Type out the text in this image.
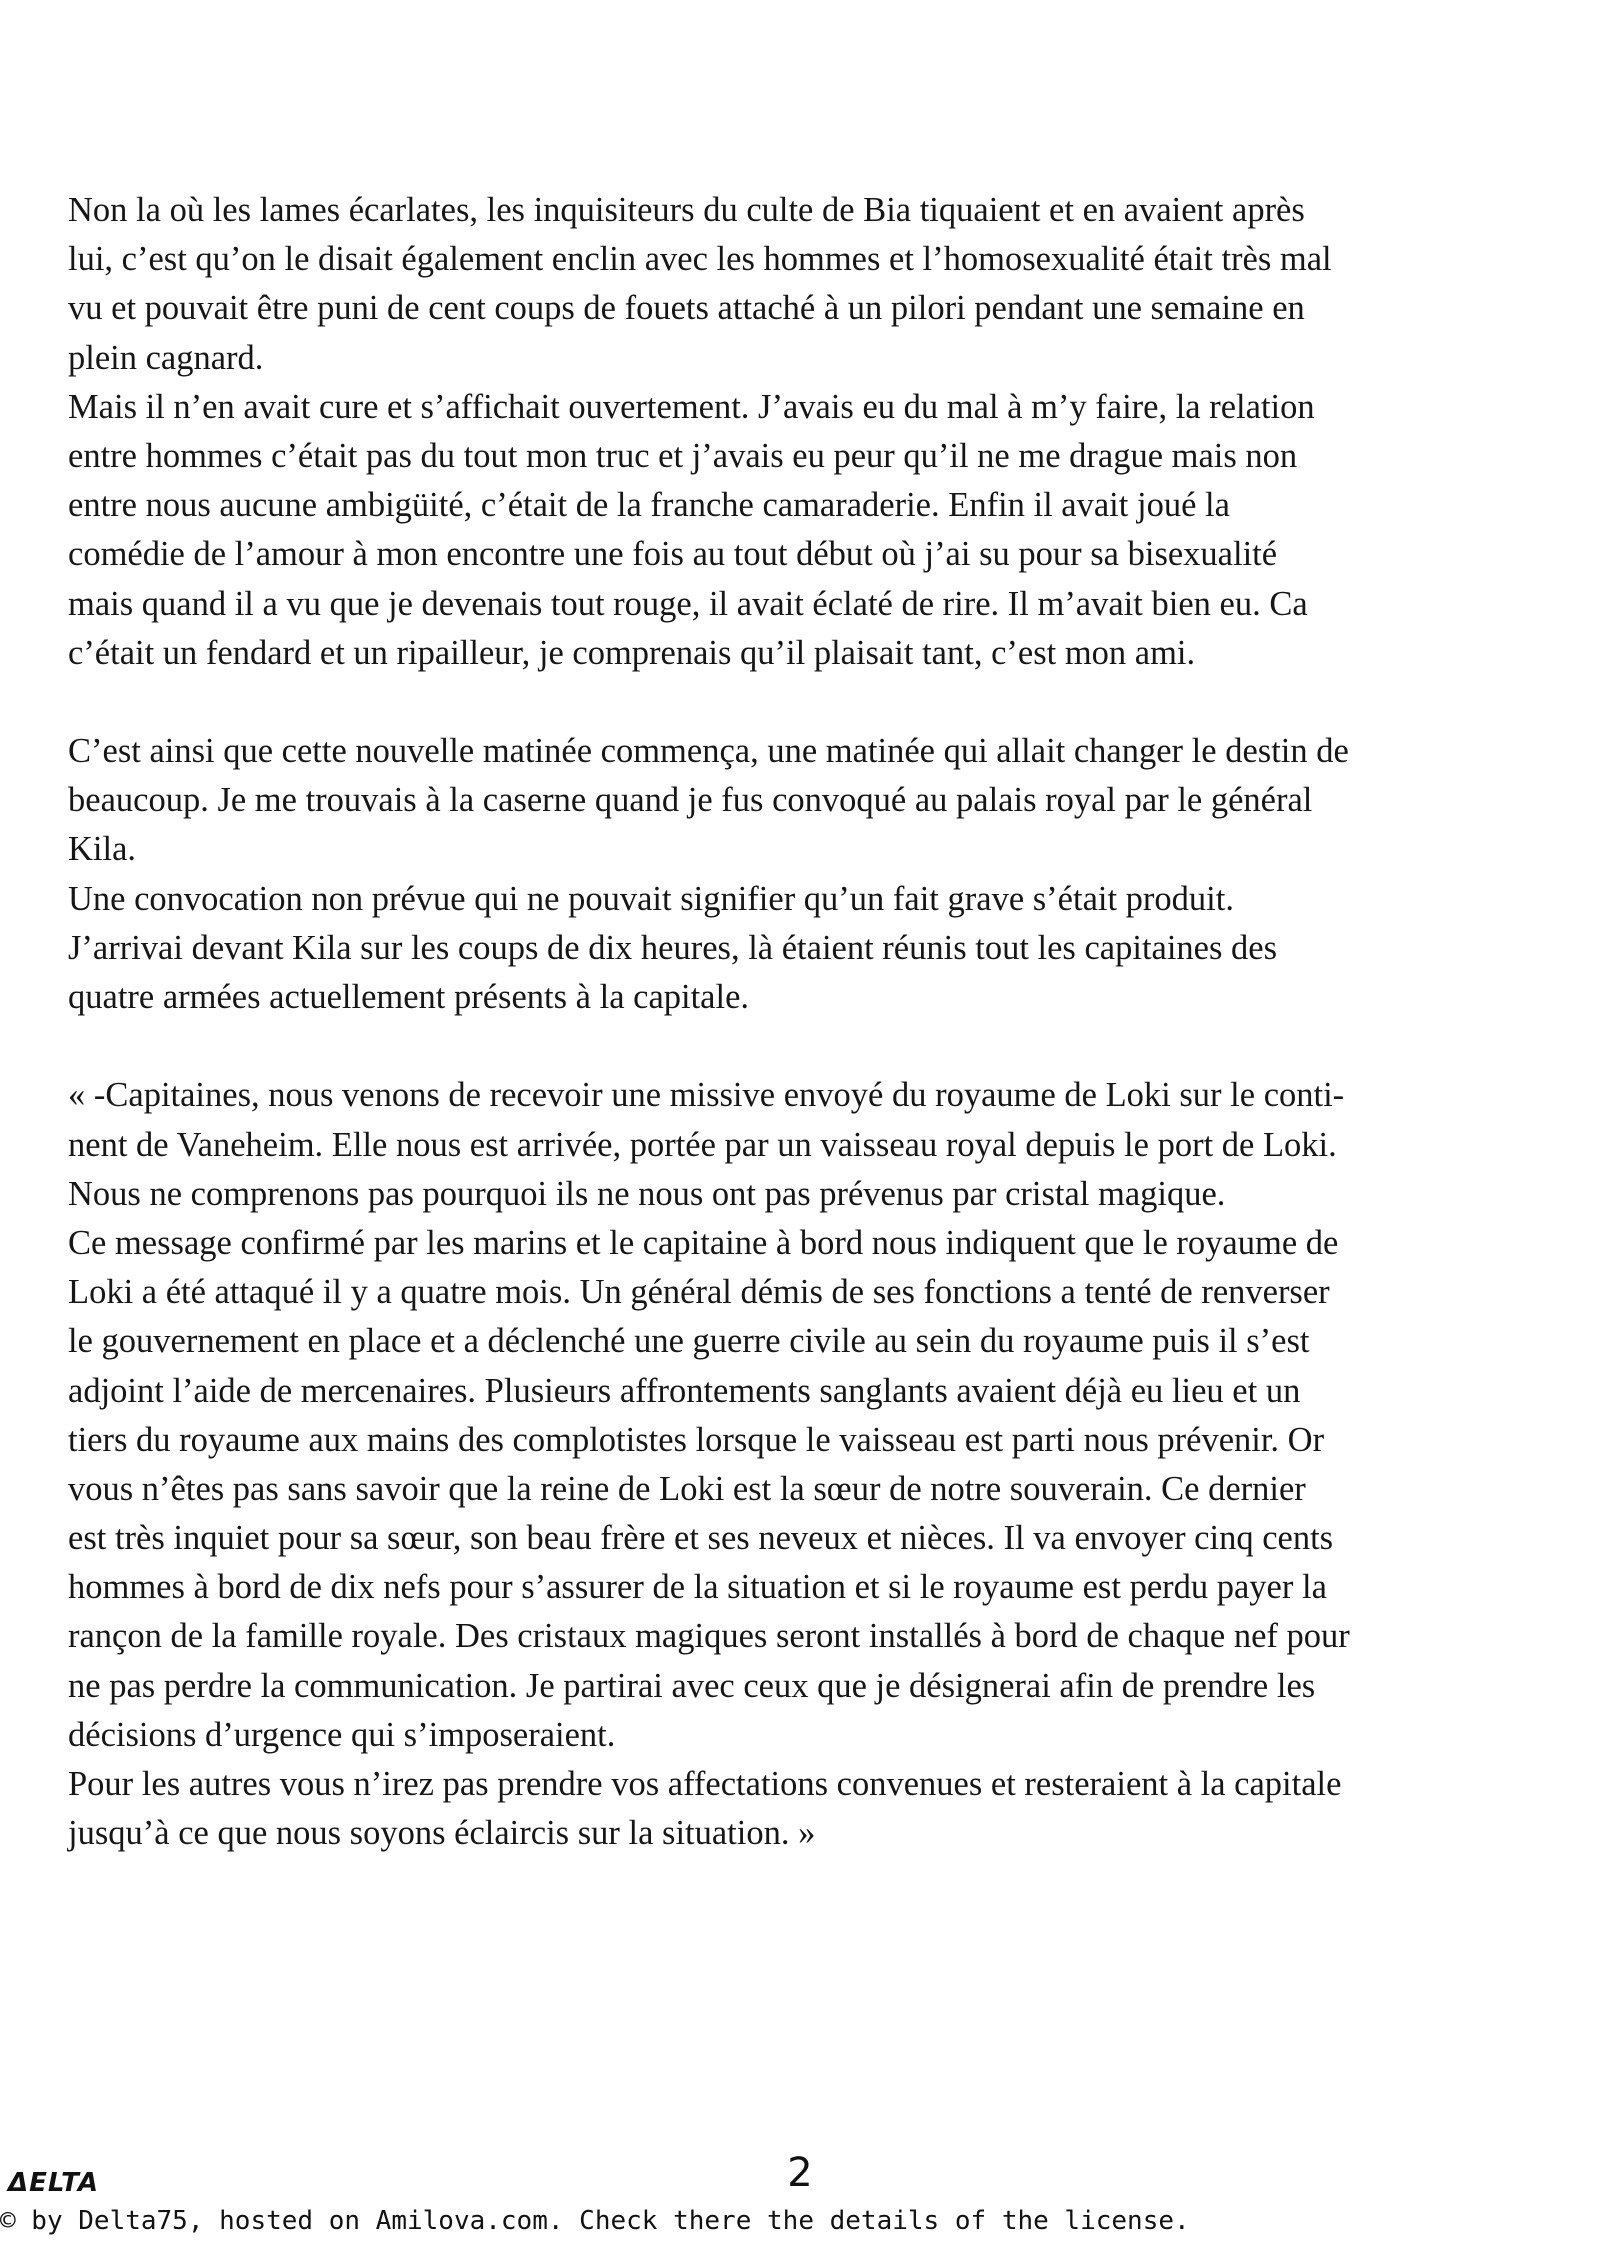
Non la où les lames écarlates, les inquisiteurs du culte de Bia tiquaient et en avaient après
lui, c’est qu’on le disait également enclin avec les hommes et l’homosexualité était très mal
vu et pouvait être puni de cent coups de fouets attaché à un pilori pendant une semaine en
plein cagnard.
Mais il n’en avait cure et s’affichait ouvertement. J’avais eu du mal à m’y faire, la relation
entre hommes c’était pas du tout mon truc et j’avais eu peur qu’il ne me drague mais non
entre nous aucune ambigüité, c’était de la franche camaraderie. Enfin il avait joué la
comédie de l’amour à mon encontre une fois au tout début où j’ai su pour sa bisexualité
mais quand il a vu que je devenais tout rouge, il avait éclaté de rire. Il m’avait bien eu. Ca
c’était un fendard et un ripailleur, je comprenais qu’il plaisait tant, c’est mon ami.
C’est ainsi que cette nouvelle matinée commença, une matinée qui allait changer le destin de
beaucoup. Je me trouvais à la caserne quand je fus convoqué au palais royal par le général
Kila.
Une convocation non prévue qui ne pouvait signifier qu’un fait grave s’était produit.
J’arrivai devant Kila sur les coups de dix heures, là étaient réunis tout les capitaines des
quatre armées actuellement présents à la capitale.
« -Capitaines, nous venons de recevoir une missive envoyé du royaume de Loki sur le conti-
nent de Vaneheim. Elle nous est arrivée, portée par un vaisseau royal depuis le port de Loki.
Nous ne comprenons pas pourquoi ils ne nous ont pas prévenus par cristal magique.
Ce message confirmé par les marins et le capitaine à bord nous indiquent que le royaume de
Loki a été attaqué il y a quatre mois. Un général démis de ses fonctions a tenté de renverser
le gouvernement en place et a déclenché une guerre civile au sein du royaume puis il s’est
adjoint l’aide de mercenaires. Plusieurs affrontements sanglants avaient déjà eu lieu et un
tiers du royaume aux mains des complotistes lorsque le vaisseau est parti nous prévenir. Or
vous n’êtes pas sans savoir que la reine de Loki est la sœur de notre souverain. Ce dernier
est très inquiet pour sa sœur, son beau frère et ses neveux et nièces. Il va envoyer cinq cents
hommes à bord de dix nefs pour s’assurer de la situation et si le royaume est perdu payer la
rançon de la famille royale. Des cristaux magiques seront installés à bord de chaque nef pour
ne pas perdre la communication. Je partirai avec ceux que je désignerai afin de prendre les
décisions d’urgence qui s’imposeraient.
Pour les autres vous n’irez pas prendre vos affectations convenues et resteraient à la capitale
jusqu’à ce que nous soyons éclaircis sur la situation. »
ΔELTA	2
© by Delta75, hosted on Amilova.com. Check there the details of the license.
